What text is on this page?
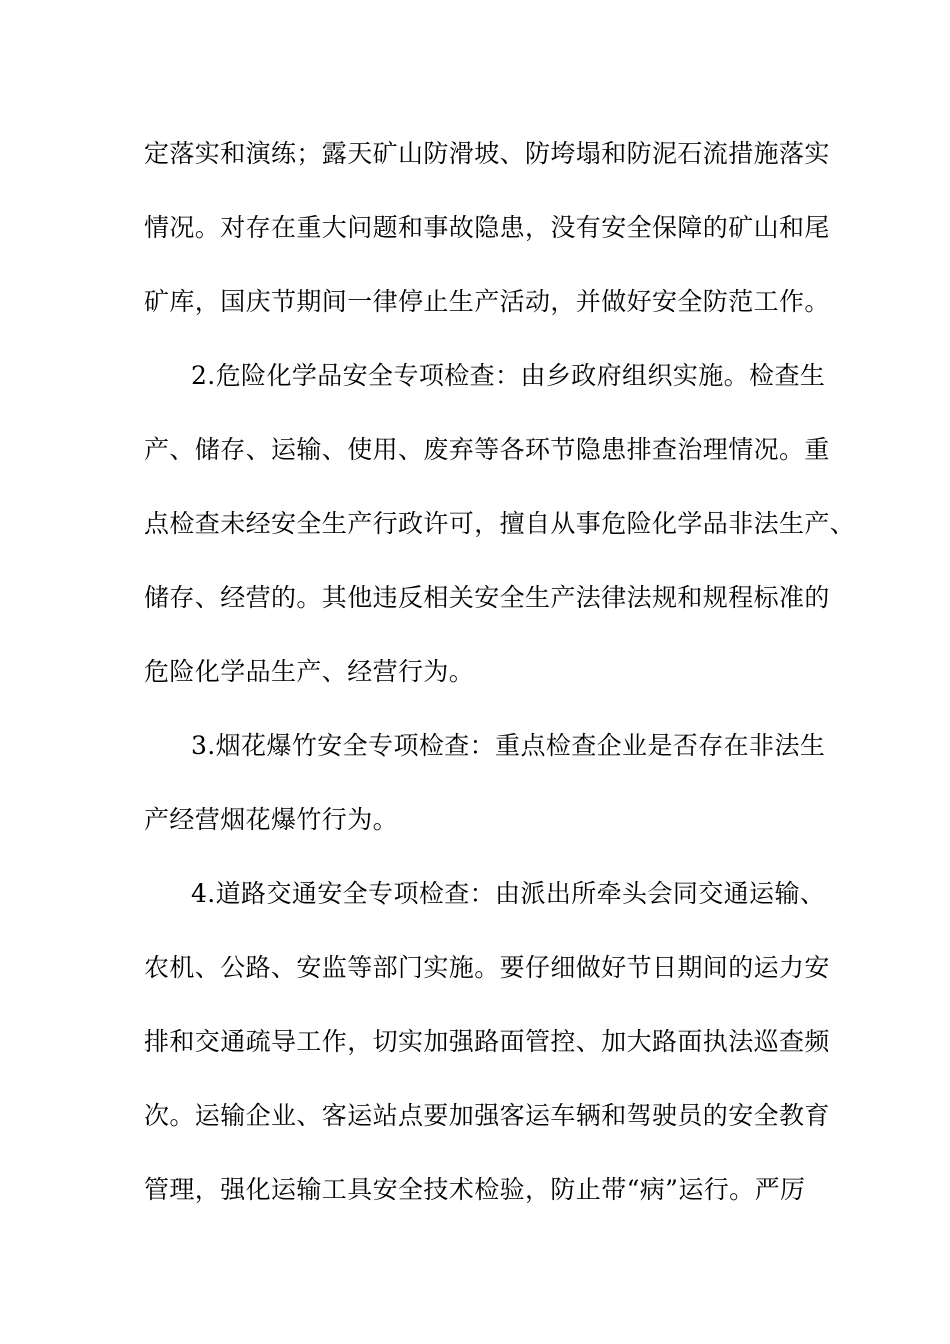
定落实和演练；露天矿山防滑坡、防垮塌和防泥石流措施落实
情况。对存在重大问题和事故隐患，没有安全保障的矿山和尾
矿库，国庆节期间一律停止生产活动，并做好安全防范工作。
2.危险化学品安全专项检查：由乡政府组织实施。检查生
产、储存、运输、使用、废弃等各环节隐患排查治理情况。重
点检查未经安全生产行政许可，擅自从事危险化学品非法生产、
储存、经营的。其他违反相关安全生产法律法规和规程标准的
危险化学品生产、经营行为。
3.烟花爆竹安全专项检查：重点检查企业是否存在非法生
产经营烟花爆竹行为。
4.道路交通安全专项检查：由派出所牵头会同交通运输、
农机、公路、安监等部门实施。要仔细做好节日期间的运力安
排和交通疏导工作，切实加强路面管控、加大路面执法巡查频
次。运输企业、客运站点要加强客运车辆和驾驶员的安全教育
管理，强化运输工具安全技术检验，防止带“病”运行。严厉
